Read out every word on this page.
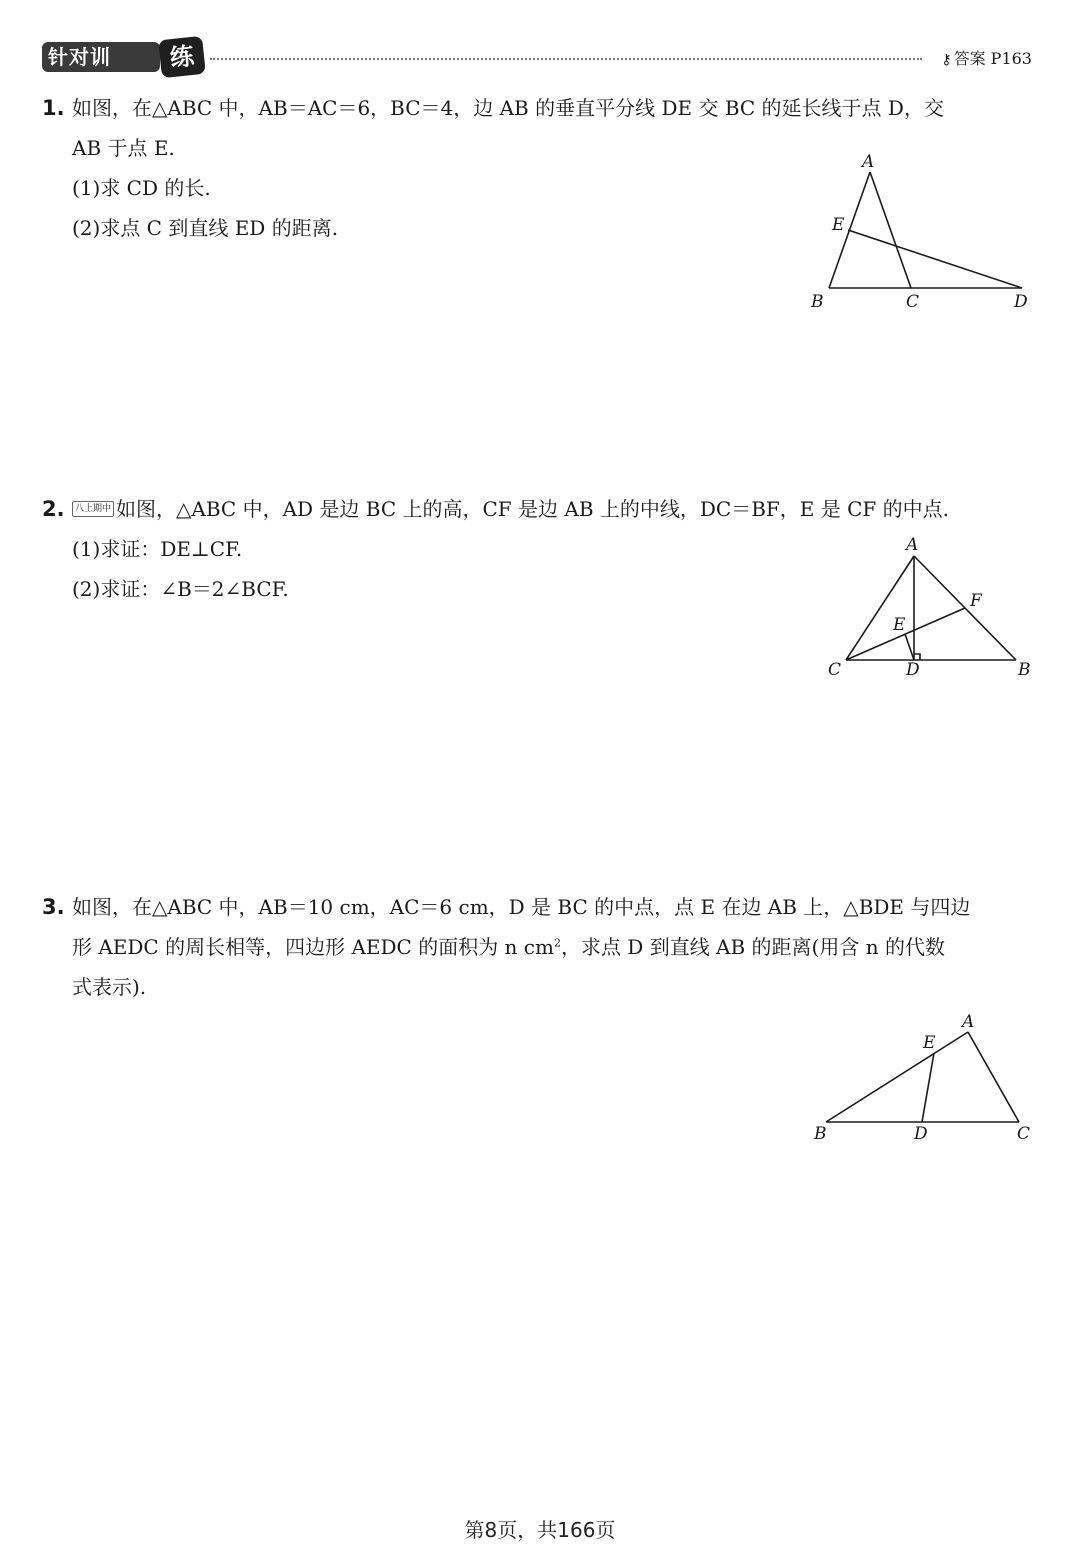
针对训	练	⚷ 答案 P163
1. 如图，在△ABC 中，AB＝AC＝6，BC＝4，边 AB 的垂直平分线 DE 交 BC 的延长线于点 D，交
AB 于点 E.
(1)求 CD 的长.
(2)求点 C 到直线 ED 的距离.
A
E
B	C	D
2.	八上期中 如图，△ABC 中，AD 是边 BC 上的高，CF 是边 AB 上的中线，DC＝BF，E 是 CF 的中点.
(1)求证：DE⊥CF.
(2)求证：∠B＝2∠BCF.
A
F
E
C	D	B
3. 如图，在△ABC 中，AB＝10 cm，AC＝6 cm，D 是 BC 的中点，点 E 在边 AB 上，△BDE 与四边
形 AEDC 的周长相等，四边形 AEDC 的面积为 n $cm^2$，求点 D 到直线 AB 的距离(用含 n 的代数
式表示).
A
E
B	D	C
第8页，共166页
